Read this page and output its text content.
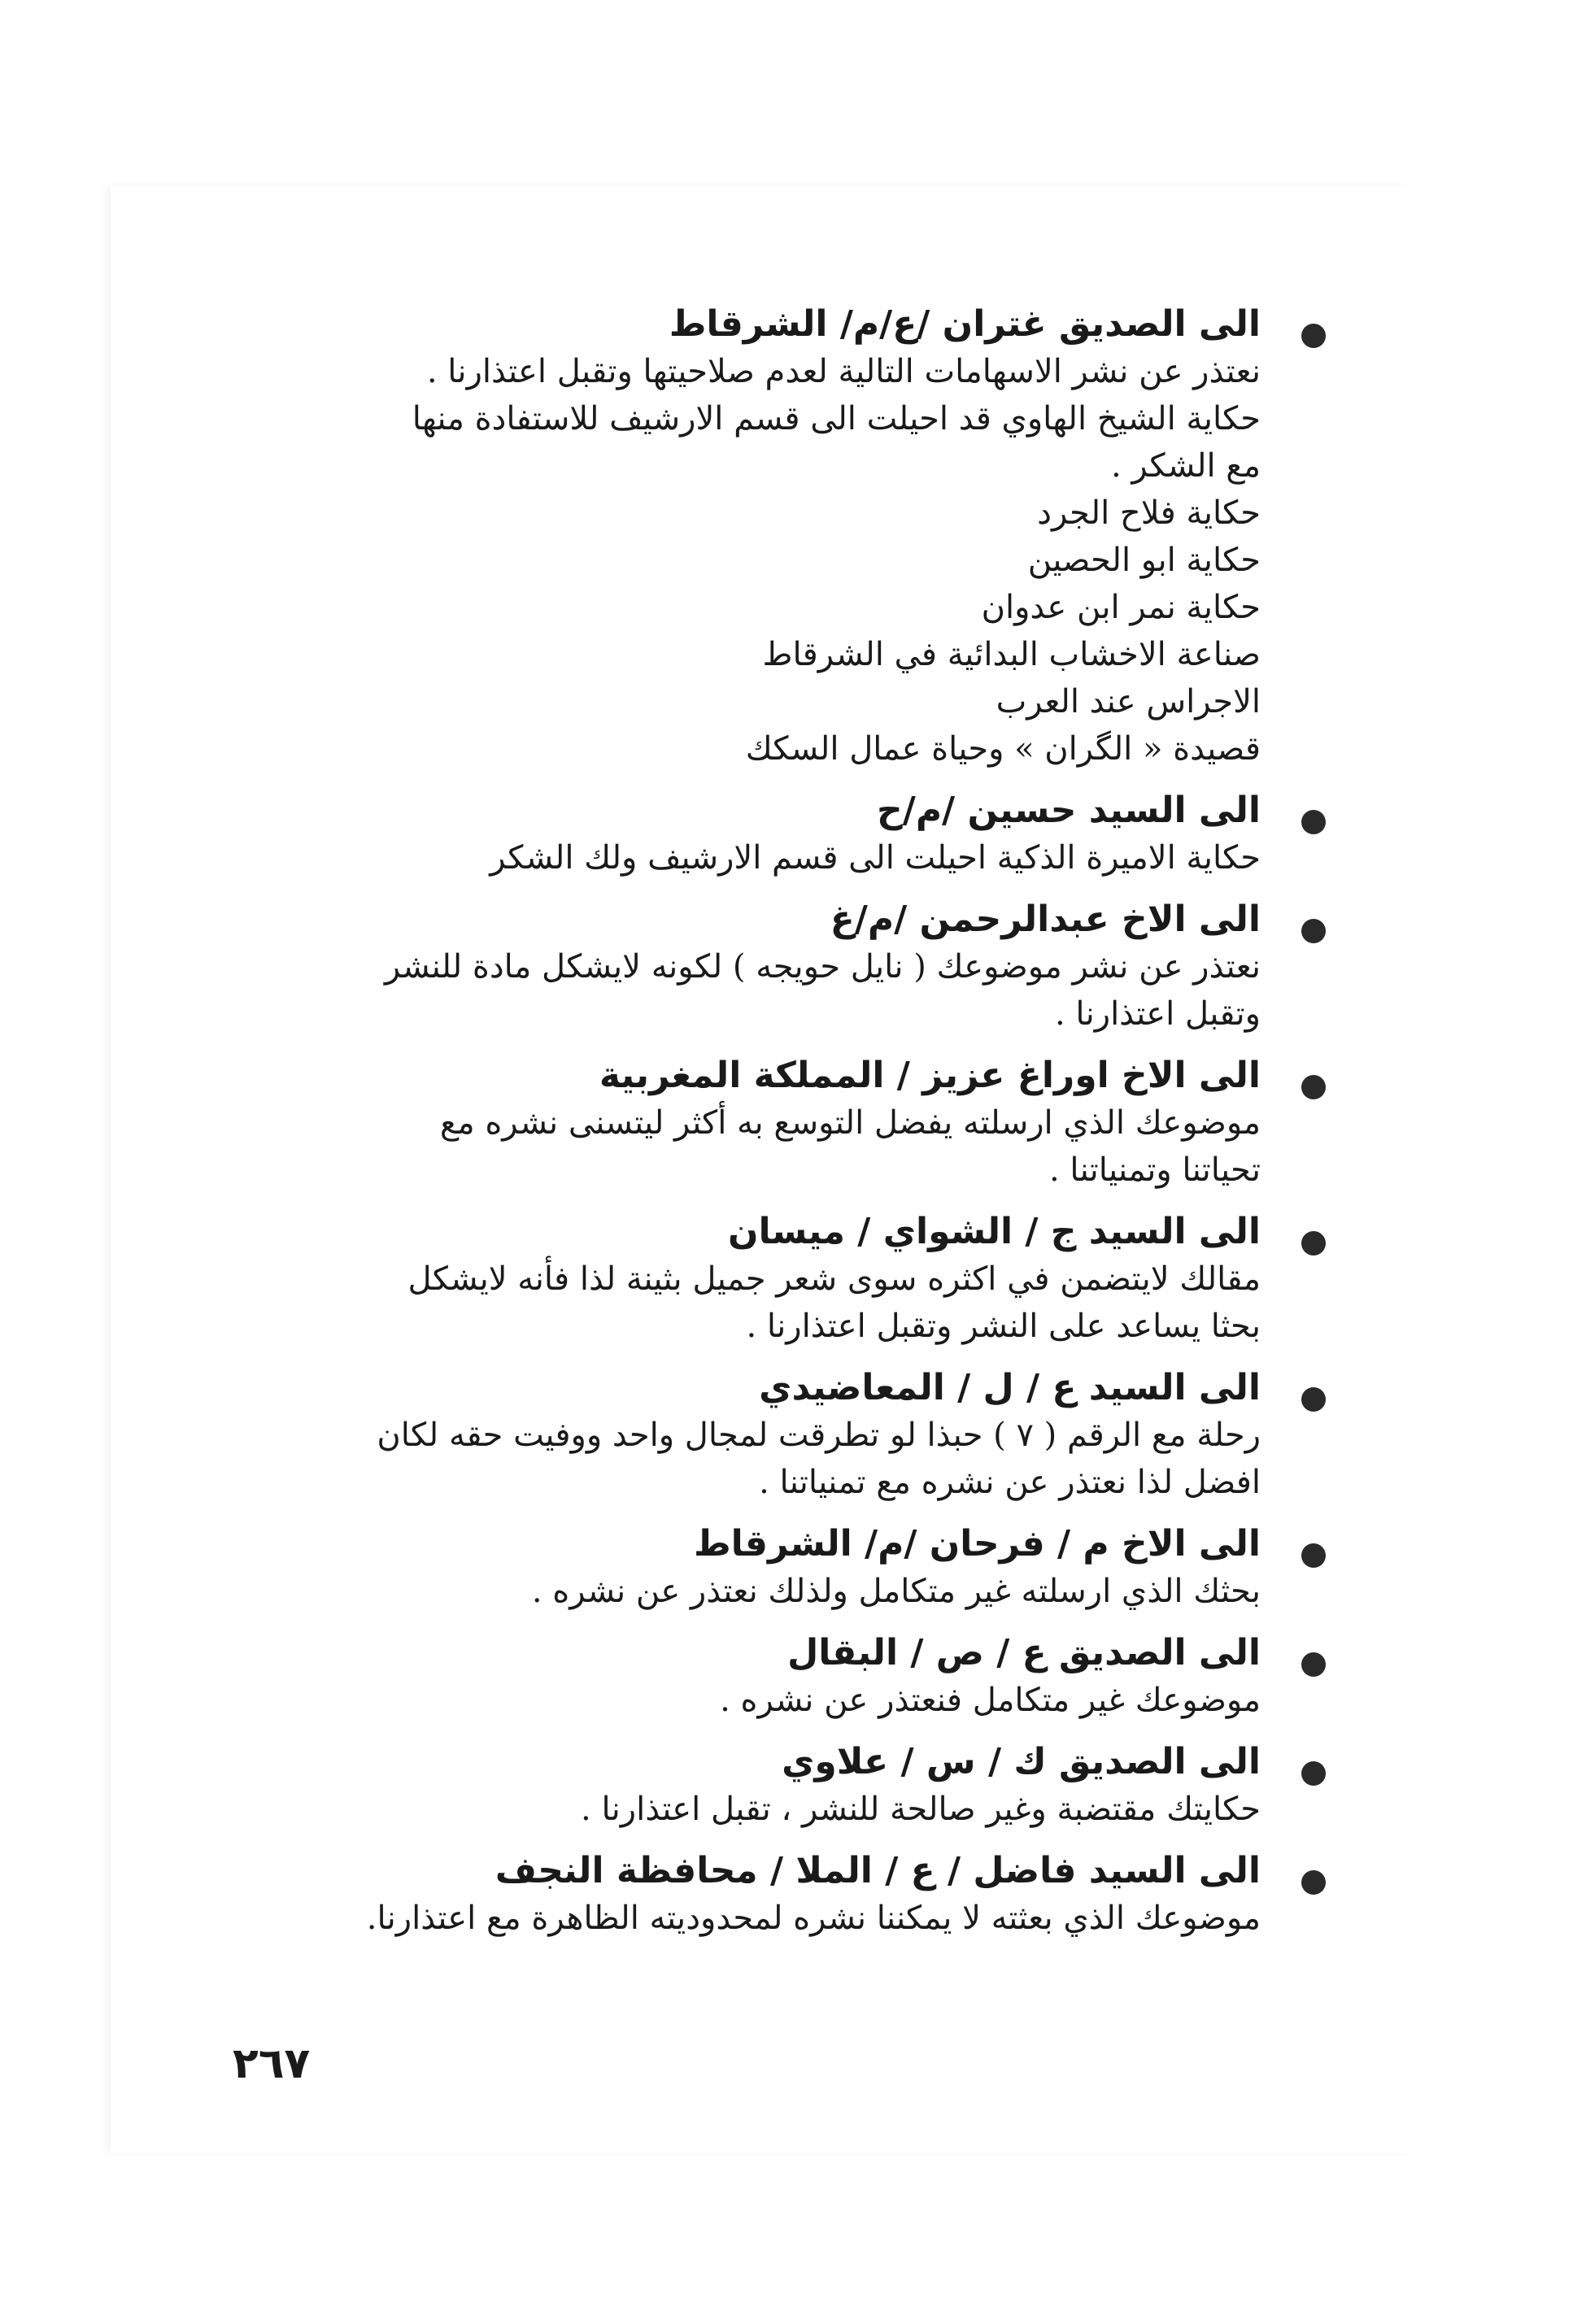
الى الصديق غتران /ع/م/ الشرقاط
نعتذر عن نشر الاسهامات التالية لعدم صلاحيتها وتقبل اعتذارنا .
حكاية الشيخ الهاوي قد احيلت الى قسم الارشيف للاستفادة منها
مع الشكر .
حكاية فلاح الجرد
حكاية ابو الحصين
حكاية نمر ابن عدوان
صناعة الاخشاب البدائية في الشرقاط
الاجراس عند العرب
قصيدة « الگران » وحياة عمال السكك
الى السيد حسين /م/ح
حكاية الاميرة الذكية احيلت الى قسم الارشيف ولك الشكر
الى الاخ عبدالرحمن /م/غ
نعتذر عن نشر موضوعك ( نايل حويجه ) لكونه لايشكل مادة للنشر
وتقبل اعتذارنا .
الى الاخ اوراغ عزيز / المملكة المغربية
موضوعك الذي ارسلته يفضل التوسع به أكثر ليتسنى نشره مع
تحياتنا وتمنياتنا .
الى السيد ج / الشواي / ميسان
مقالك لايتضمن في اكثره سوى شعر جميل بثينة لذا فأنه لايشكل
بحثا يساعد على النشر وتقبل اعتذارنا .
الى السيد ع / ل / المعاضيدي
رحلة مع الرقم ( ٧ ) حبذا لو تطرقت لمجال واحد ووفيت حقه لكان
افضل لذا نعتذر عن نشره مع تمنياتنا .
الى الاخ م / فرحان /م/ الشرقاط
بحثك الذي ارسلته غير متكامل ولذلك نعتذر عن نشره .
الى الصديق ع / ص / البقال
موضوعك غير متكامل فنعتذر عن نشره .
الى الصديق ك / س / علاوي
حكايتك مقتضبة وغير صالحة للنشر ، تقبل اعتذارنا .
الى السيد فاضل / ع / الملا / محافظة النجف
موضوعك الذي بعثته لا يمكننا نشره لمحدوديته الظاهرة مع اعتذارنا.
٢٦٧
